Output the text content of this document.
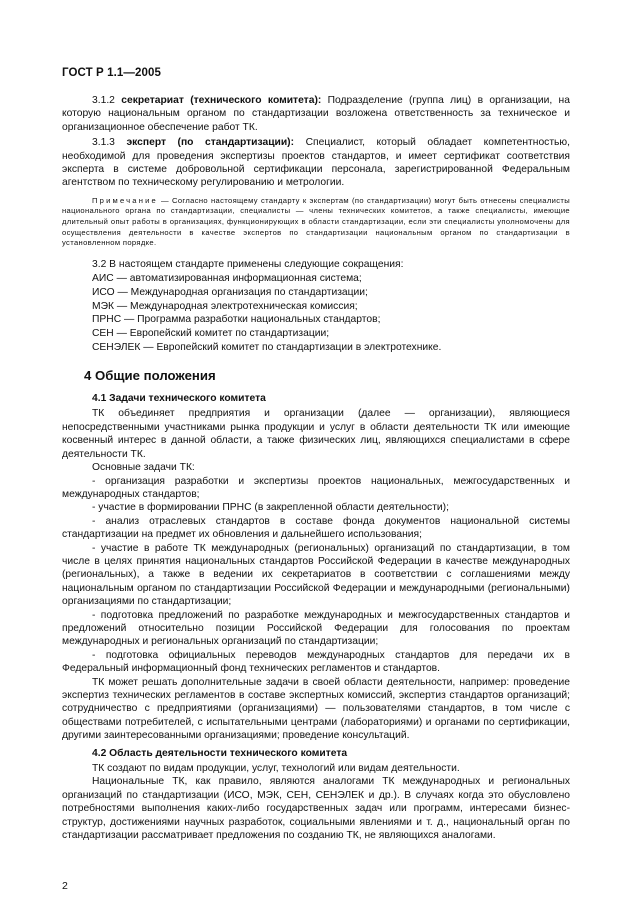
ГОСТ Р 1.1—2005

3.1.2 секретариат (технического комитета): Подразделение (группа лиц) в организации, на которую национальным органом по стандартизации возложена ответственность за техническое и организационное обеспечение работ ТК.

3.1.3 эксперт (по стандартизации): Специалист, который обладает компетентностью, необходимой для проведения экспертизы проектов стандартов, и имеет сертификат соответствия эксперта в системе добровольной сертификации персонала, зарегистрированной Федеральным агентством по техническому регулированию и метрологии.

Примечание — Согласно настоящему стандарту к экспертам (по стандартизации) могут быть отнесены специалисты национального органа по стандартизации, специалисты — члены технических комитетов, а также специалисты, имеющие длительный опыт работы в организациях, функционирующих в области стандартизации, если эти специалисты уполномочены для осуществления деятельности в качестве экспертов по стандартизации национальным органом по стандартизации в установленном порядке.

3.2 В настоящем стандарте применены следующие сокращения:

АИС — автоматизированная информационная система;

ИСО — Международная организация по стандартизации;

МЭК — Международная электротехническая комиссия;

ПРНС — Программа разработки национальных стандартов;

СЕН — Европейский комитет по стандартизации;

СЕНЭЛЕК — Европейский комитет по стандартизации в электротехнике.

4 Общие положения
4.1 Задачи технического комитета

ТК объединяет предприятия и организации (далее — организации), являющиеся непосредственными участниками рынка продукции и услуг в области деятельности ТК или имеющие косвенный интерес в данной области, а также физических лиц, являющихся специалистами в сфере деятельности ТК.

Основные задачи ТК:

- организация разработки и экспертизы проектов национальных, межгосударственных и международных стандартов;

- участие в формировании ПРНС (в закрепленной области деятельности);

- анализ отраслевых стандартов в составе фонда документов национальной системы стандартизации на предмет их обновления и дальнейшего использования;

- участие в работе ТК международных (региональных) организаций по стандартизации, в том числе в целях принятия национальных стандартов Российской Федерации в качестве международных (региональных), а также в ведении их секретариатов в соответствии с соглашениями между национальным органом по стандартизации Российской Федерации и международными (региональными) организациями по стандартизации;

- подготовка предложений по разработке международных и межгосударственных стандартов и предложений относительно позиции Российской Федерации для голосования по проектам международных и региональных организаций по стандартизации;

- подготовка официальных переводов международных стандартов для передачи их в Федеральный информационный фонд технических регламентов и стандартов.

ТК может решать дополнительные задачи в своей области деятельности, например: проведение экспертиз технических регламентов в составе экспертных комиссий, экспертиз стандартов организаций; сотрудничество с предприятиями (организациями) — пользователями стандартов, в том числе с обществами потребителей, с испытательными центрами (лабораториями) и органами по сертификации, другими заинтересованными организациями; проведение консультаций.

4.2 Область деятельности технического комитета

ТК создают по видам продукции, услуг, технологий или видам деятельности.

Национальные ТК, как правило, являются аналогами ТК международных и региональных организаций по стандартизации (ИСО, МЭК, СЕН, СЕНЭЛЕК и др.). В случаях когда это обусловлено потребностями выполнения каких-либо государственных задач или программ, интересами бизнес-структур, достижениями научных разработок, социальными явлениями и т. д., национальный орган по стандартизации рассматривает предложения по созданию ТК, не являющихся аналогами.

2
